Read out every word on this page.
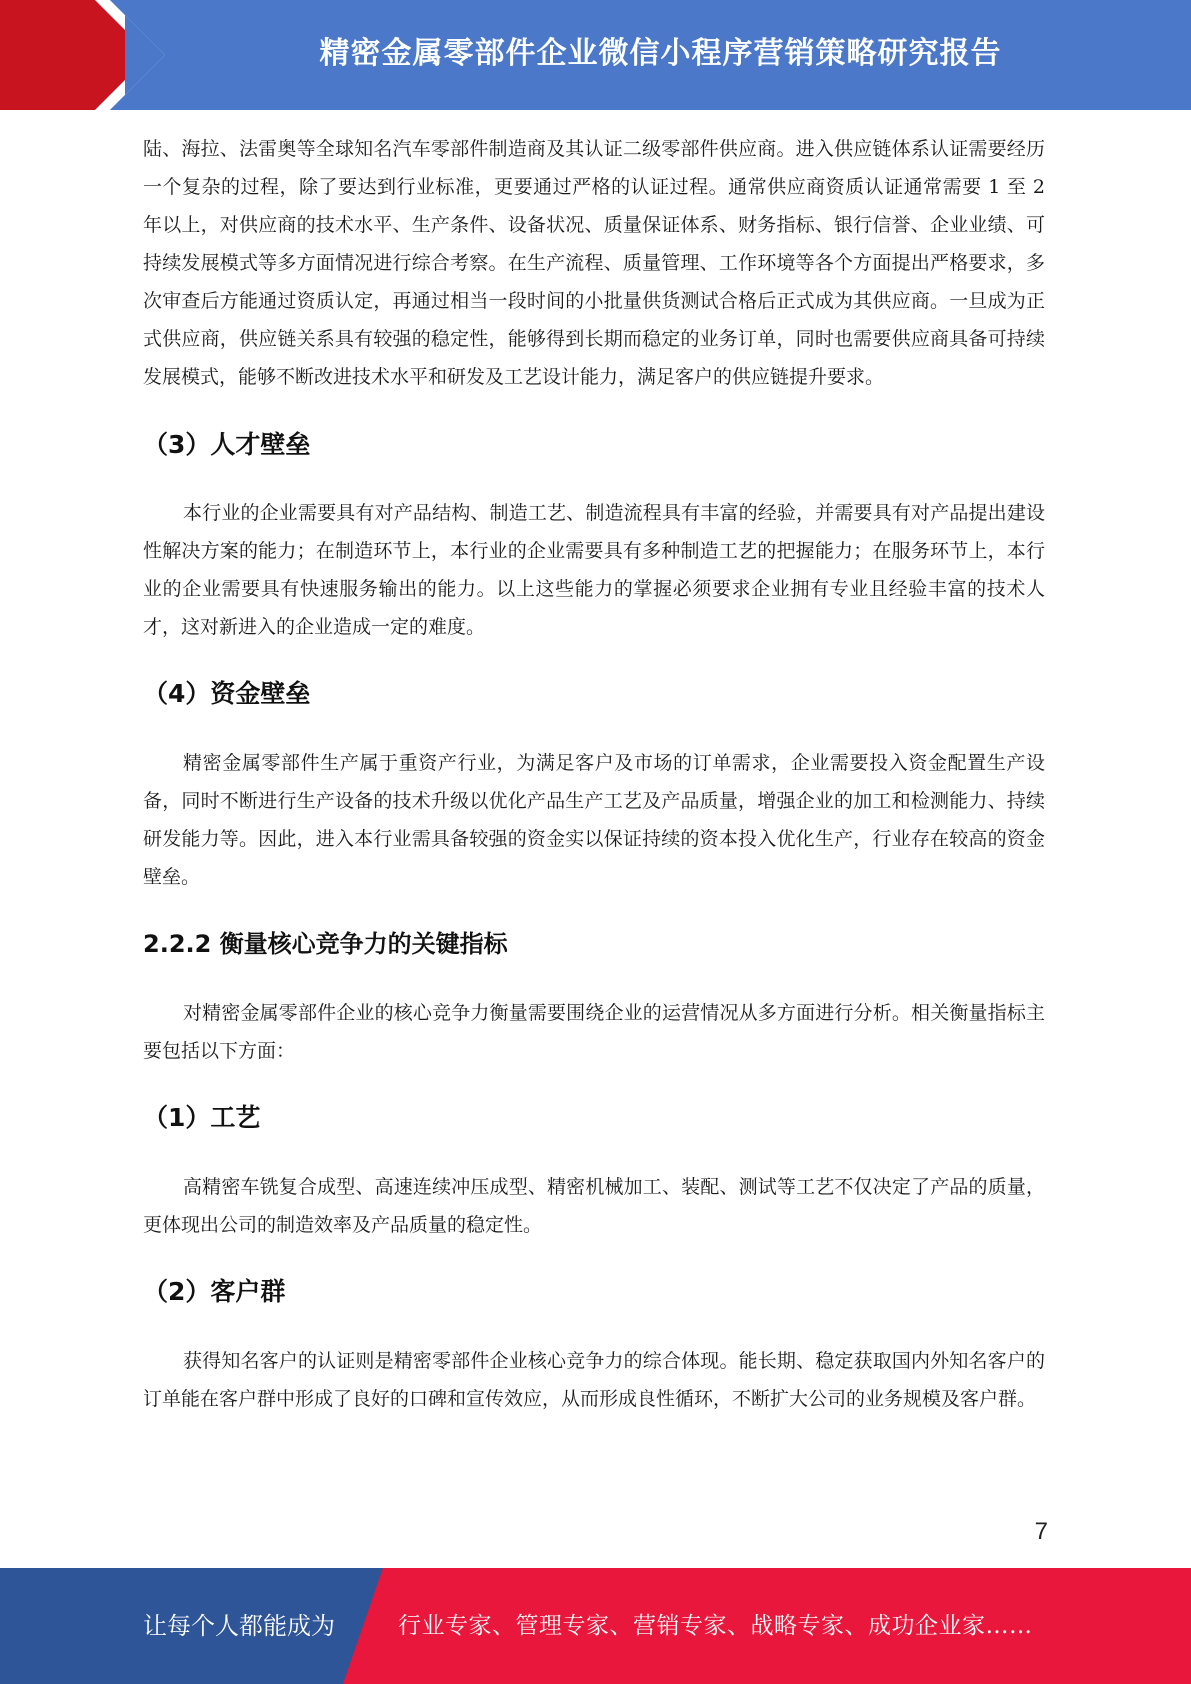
精密金属零部件企业微信小程序营销策略研究报告

陆、海拉、法雷奥等全球知名汽车零部件制造商及其认证二级零部件供应商。进入供应链体系认证需要经历一个复杂的过程，除了要达到行业标准，更要通过严格的认证过程。通常供应商资质认证通常需要 1 至 2 年以上，对供应商的技术水平、生产条件、设备状况、质量保证体系、财务指标、银行信誉、企业业绩、可持续发展模式等多方面情况进行综合考察。在生产流程、质量管理、工作环境等各个方面提出严格要求，多次审查后方能通过资质认定，再通过相当一段时间的小批量供货测试合格后正式成为其供应商。一旦成为正式供应商，供应链关系具有较强的稳定性，能够得到长期而稳定的业务订单，同时也需要供应商具备可持续发展模式，能够不断改进技术水平和研发及工艺设计能力，满足客户的供应链提升要求。

（3）人才壁垒

本行业的企业需要具有对产品结构、制造工艺、制造流程具有丰富的经验，并需要具有对产品提出建设性解决方案的能力；在制造环节上，本行业的企业需要具有多种制造工艺的把握能力；在服务环节上，本行业的企业需要具有快速服务输出的能力。以上这些能力的掌握必须要求企业拥有专业且经验丰富的技术人才，这对新进入的企业造成一定的难度。

（4）资金壁垒

精密金属零部件生产属于重资产行业，为满足客户及市场的订单需求，企业需要投入资金配置生产设备，同时不断进行生产设备的技术升级以优化产品生产工艺及产品质量，增强企业的加工和检测能力、持续研发能力等。因此，进入本行业需具备较强的资金实以保证持续的资本投入优化生产，行业存在较高的资金壁垒。

2.2.2 衡量核心竞争力的关键指标

对精密金属零部件企业的核心竞争力衡量需要围绕企业的运营情况从多方面进行分析。相关衡量指标主要包括以下方面：

（1）工艺

高精密车铣复合成型、高速连续冲压成型、精密机械加工、装配、测试等工艺不仅决定了产品的质量，更体现出公司的制造效率及产品质量的稳定性。

（2）客户群

获得知名客户的认证则是精密零部件企业核心竞争力的综合体现。能长期、稳定获取国内外知名客户的订单能在客户群中形成了良好的口碑和宣传效应，从而形成良性循环，不断扩大公司的业务规模及客户群。

7
让每个人都能成为	行业专家、管理专家、营销专家、战略专家、成功企业家……
